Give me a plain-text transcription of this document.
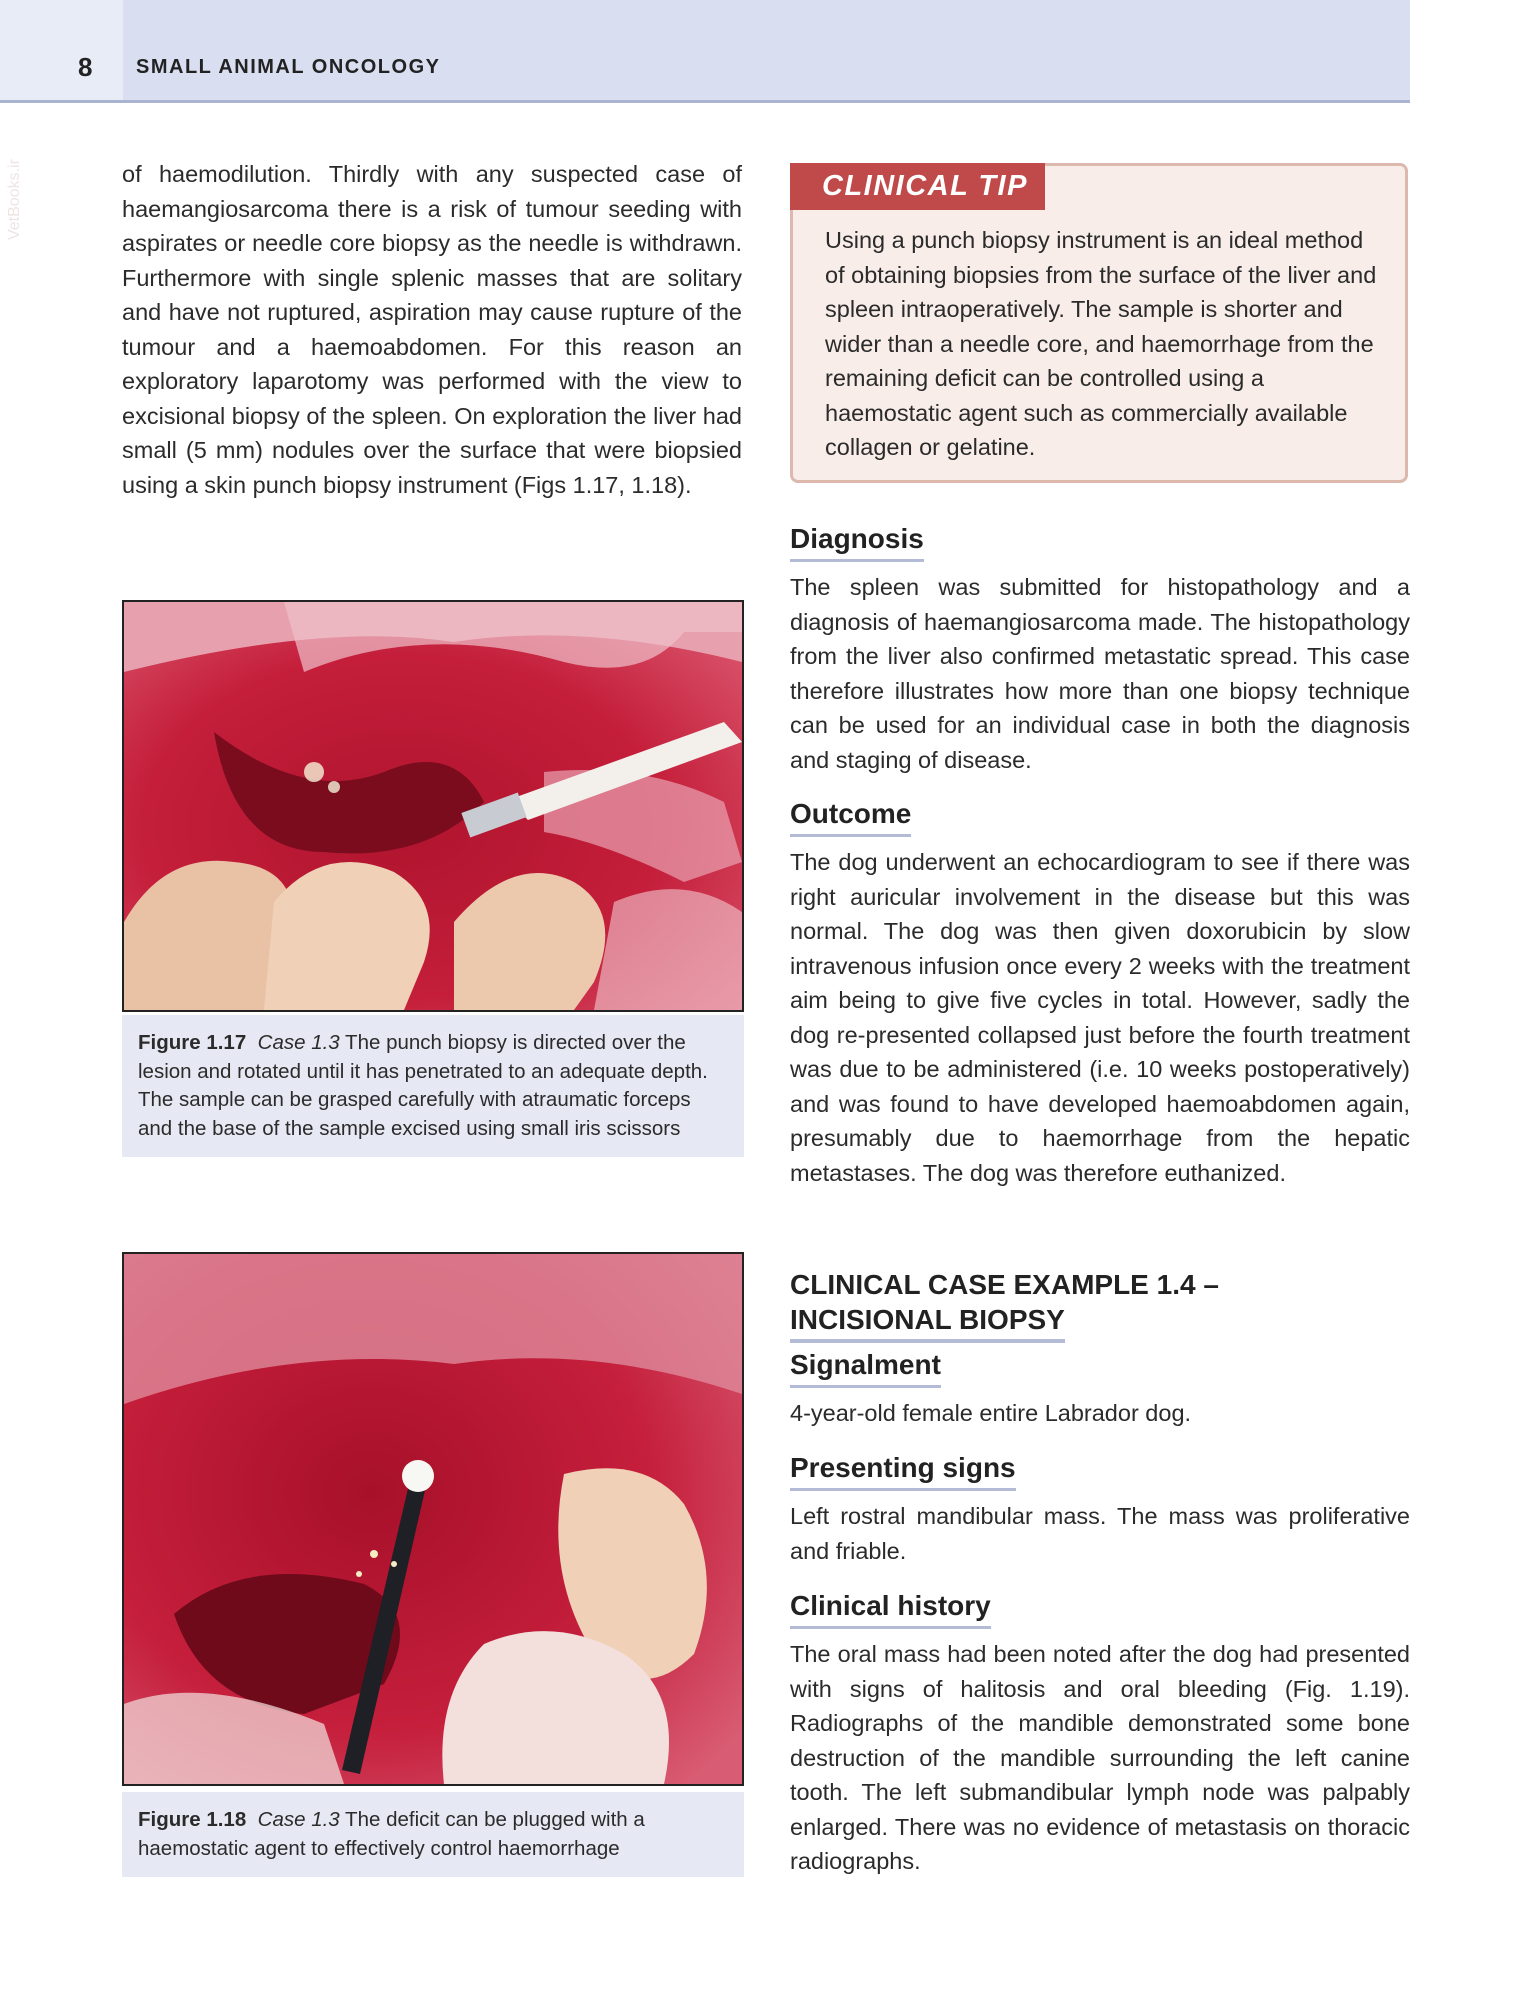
8 SMALL ANIMAL ONCOLOGY
VetBooks.ir	of haemodilution. Thirdly with any suspected case of haemangiosarcoma there is a risk of tumour seeding with aspirates or needle core biopsy as the needle is withdrawn. Furthermore with single splenic masses that are solitary and have not ruptured, aspiration may cause rupture of the tumour and a haemoabdomen. For this reason an exploratory laparotomy was performed with the view to excisional biopsy of the spleen. On exploration the liver had small (5 mm) nodules over the surface that were biopsied using a skin punch biopsy instrument (Figs 1.17, 1.18).

Figure 1.17 Case 1.3 The punch biopsy is directed over the lesion and rotated until it has penetrated to an adequate depth. The sample can be grasped carefully with atraumatic forceps and the base of the sample excised using small iris scissors
Figure 1.18 Case 1.3 The deficit can be plugged with a haemostatic agent to effectively control haemorrhage
CLINICAL TIP

Using a punch biopsy instrument is an ideal method of obtaining biopsies from the surface of the liver and spleen intraoperatively. The sample is shorter and wider than a needle core, and haemorrhage from the remaining deficit can be controlled using a haemostatic agent such as commercially available collagen or gelatine.

Diagnosis

The spleen was submitted for histopathology and a diagnosis of haemangiosarcoma made. The histopathology from the liver also confirmed metastatic spread. This case therefore illustrates how more than one biopsy technique can be used for an individual case in both the diagnosis and staging of disease.

Outcome

The dog underwent an echocardiogram to see if there was right auricular involvement in the disease but this was normal. The dog was then given doxorubicin by slow intravenous infusion once every 2 weeks with the treatment aim being to give five cycles in total. However, sadly the dog re-presented collapsed just before the fourth treatment was due to be administered (i.e. 10 weeks postoperatively) and was found to have developed haemoabdomen again, presumably due to haemorrhage from the hepatic metastases. The dog was therefore euthanized.

CLINICAL CASE EXAMPLE 1.4 –
INCISIONAL BIOPSY
Signalment

4-year-old female entire Labrador dog.

Presenting signs

Left rostral mandibular mass. The mass was proliferative and friable.

Clinical history

The oral mass had been noted after the dog had presented with signs of halitosis and oral bleeding (Fig. 1.19). Radiographs of the mandible demonstrated some bone destruction of the mandible surrounding the left canine tooth. The left submandibular lymph node was palpably enlarged. There was no evidence of metastasis on thoracic radiographs.
